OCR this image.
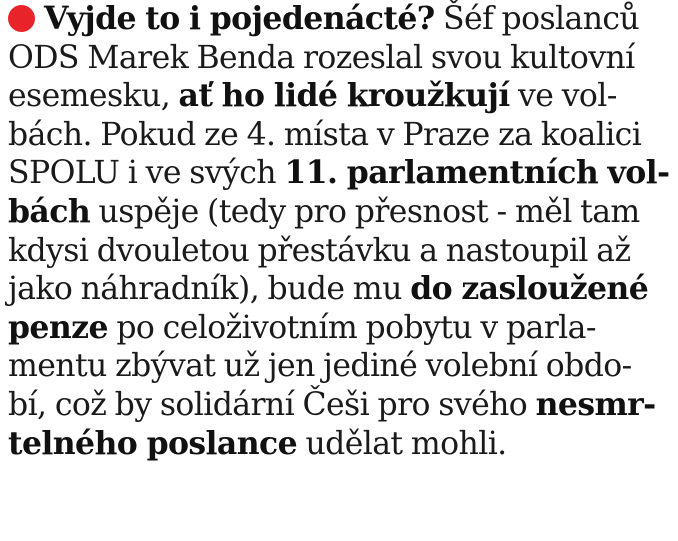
Vyjde to i pojedenácté? Šéf poslanců
ODS Marek Benda rozeslal svou kultovní
esemesku, ať ho lidé kroužkují ve vol-
bách. Pokud ze 4. místa v Praze za koalici
SPOLU i ve svých 11. parlamentních vol-
bách uspěje (tedy pro přesnost - měl tam
kdysi dvouletou přestávku a nastoupil až
jako náhradník), bude mu do zasloužené
penze po celoživotním pobytu v parla-
mentu zbývat už jen jediné volební obdo-
bí, což by solidární Češi pro svého nesmr-
telného poslance udělat mohli.
